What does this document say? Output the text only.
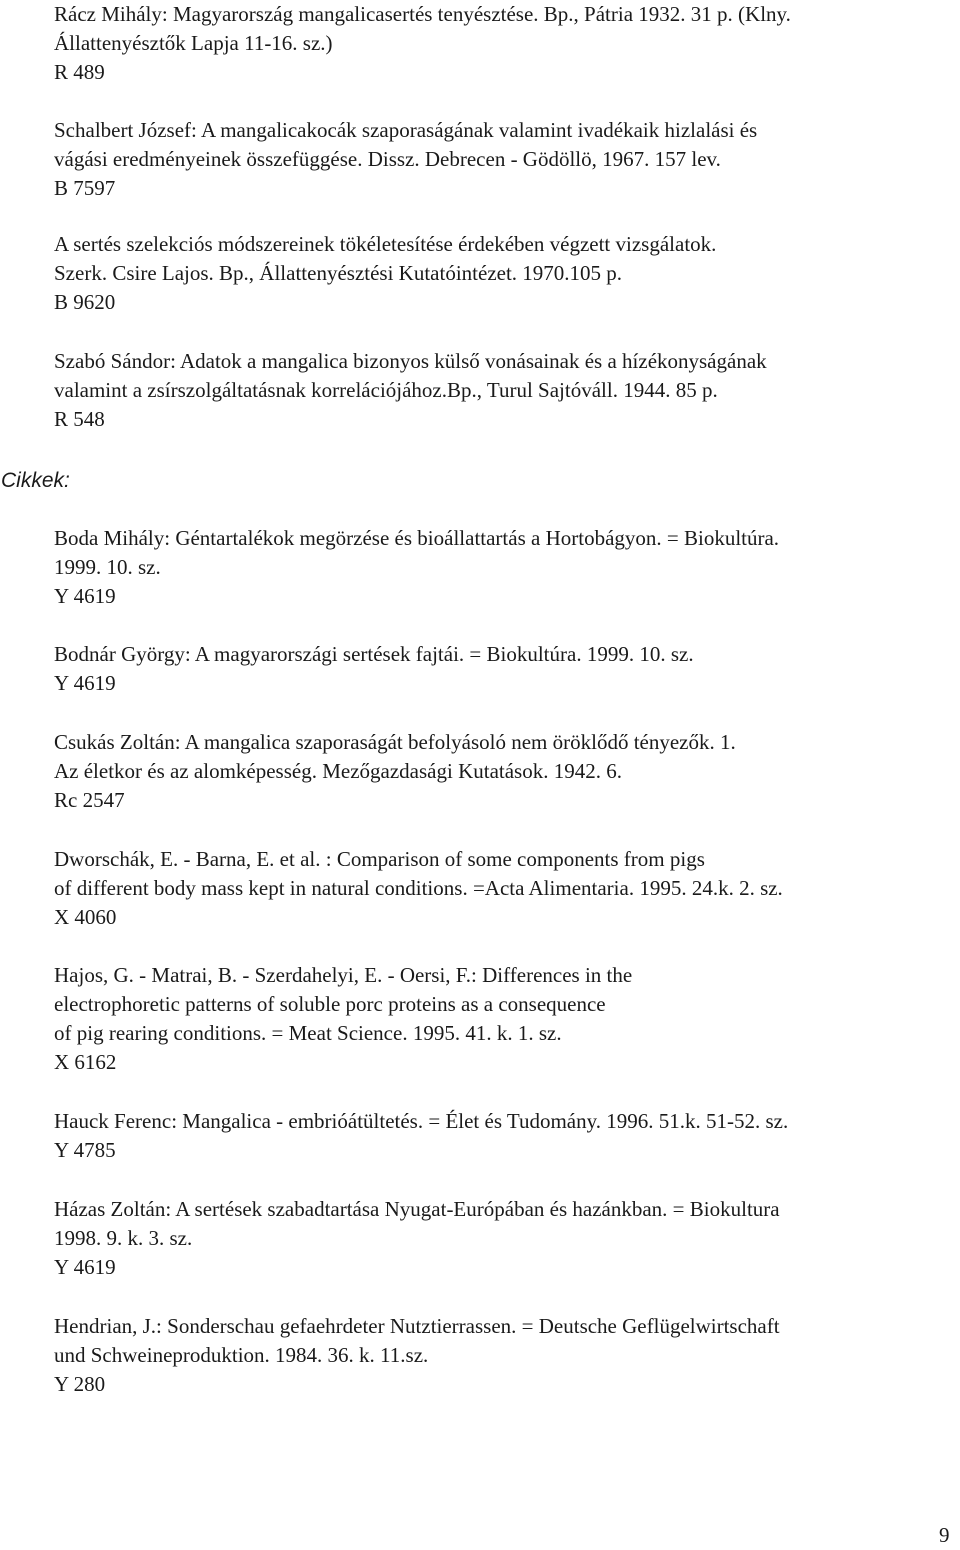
Rácz Mihály: Magyarország mangalicasertés tenyésztése. Bp., Pátria 1932. 31 p. (Klny.
Állattenyésztők Lapja 11-16. sz.)
R 489
Schalbert József: A mangalicakocák szaporaságának valamint ivadékaik hizlalási és
vágási eredményeinek összefüggése. Dissz. Debrecen - Gödöllö, 1967. 157 lev.
B 7597
A sertés szelekciós módszereinek tökéletesítése érdekében végzett vizsgálatok.
Szerk. Csire Lajos. Bp., Állattenyésztési Kutatóintézet. 1970.105 p.
B 9620
Szabó Sándor: Adatok a mangalica bizonyos külső vonásainak és a hízékonyságának
valamint a zsírszolgáltatásnak korrelációjához.Bp., Turul Sajtóváll. 1944. 85 p.
R 548
Cikkek:
Boda Mihály: Géntartalékok megörzése és bioállattartás a Hortobágyon. = Biokultúra.
1999. 10. sz.
Y 4619
Bodnár György: A magyarországi sertések fajtái. = Biokultúra. 1999. 10. sz.
Y 4619
Csukás Zoltán: A mangalica szaporaságát befolyásoló nem öröklődő tényezők. 1.
Az életkor és az alomképesség. Mezőgazdasági Kutatások. 1942. 6.
Rc 2547
Dworschák, E. - Barna, E. et al. : Comparison of some components from pigs
of different body mass kept in natural conditions. =Acta Alimentaria. 1995. 24.k. 2. sz.
X 4060
Hajos, G. - Matrai, B. - Szerdahelyi, E. - Oersi, F.: Differences in the
electrophoretic patterns of soluble porc proteins as a consequence
of pig rearing conditions. = Meat Science. 1995. 41. k. 1. sz.
X 6162
Hauck Ferenc: Mangalica - embrióátültetés. = Élet és Tudomány. 1996. 51.k. 51-52. sz.
Y 4785
Házas Zoltán: A sertések szabadtartása Nyugat-Európában és hazánkban. = Biokultura
1998. 9. k. 3. sz.
Y 4619
Hendrian, J.: Sonderschau gefaehrdeter Nutztierrassen. = Deutsche Geflügelwirtschaft
und Schweineproduktion. 1984. 36. k. 11.sz.
Y 280
9
